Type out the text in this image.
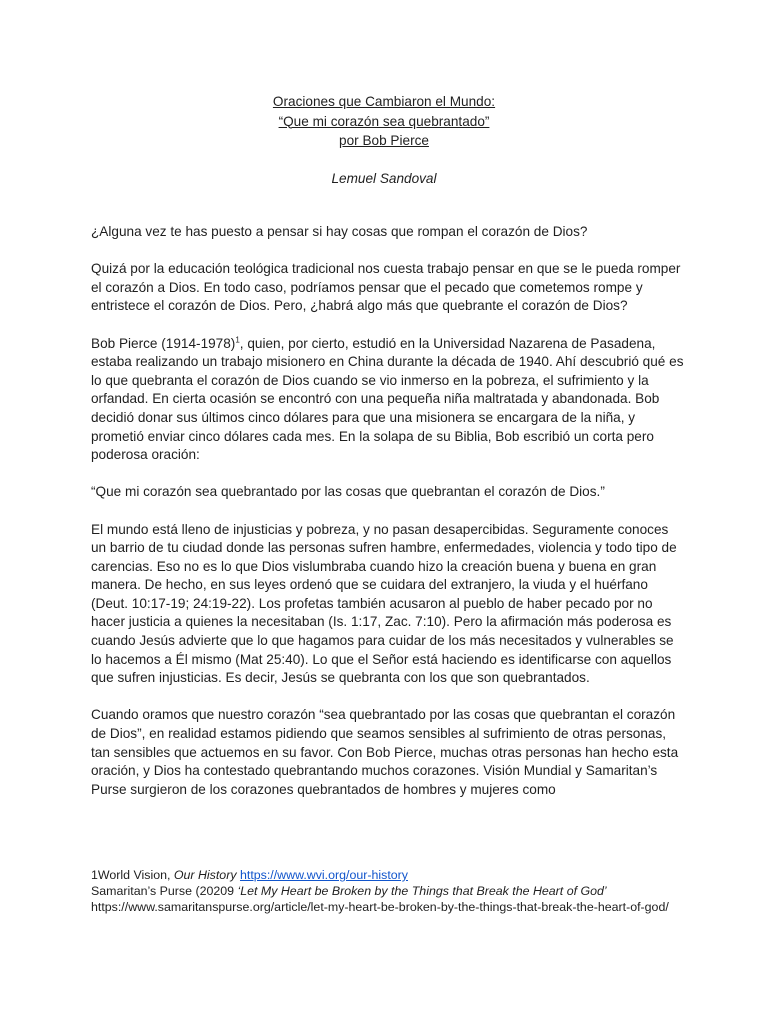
Oraciones que Cambiaron el Mundo:
“Que mi corazón sea quebrantado”
por Bob Pierce
Lemuel Sandoval

¿Alguna vez te has puesto a pensar si hay cosas que rompan el corazón de Dios?

Quizá por la educación teológica tradicional nos cuesta trabajo pensar en que se le pueda romper el corazón a Dios. En todo caso, podríamos pensar que el pecado que cometemos rompe y entristece el corazón de Dios. Pero, ¿habrá algo más que quebrante el corazón de Dios?

Bob Pierce (1914-1978)$^1$, quien, por cierto, estudió en la Universidad Nazarena de Pasadena, estaba realizando un trabajo misionero en China durante la década de 1940. Ahí descubrió qué es lo que quebranta el corazón de Dios cuando se vio inmerso en la pobreza, el sufrimiento y la orfandad. En cierta ocasión se encontró con una pequeña niña maltratada y abandonada. Bob decidió donar sus últimos cinco dólares para que una misionera se encargara de la niña, y prometió enviar cinco dólares cada mes. En la solapa de su Biblia, Bob escribió un corta pero poderosa oración:

“Que mi corazón sea quebrantado por las cosas que quebrantan el corazón de Dios.”

El mundo está lleno de injusticias y pobreza, y no pasan desapercibidas. Seguramente conoces un barrio de tu ciudad donde las personas sufren hambre, enfermedades, violencia y todo tipo de carencias. Eso no es lo que Dios vislumbraba cuando hizo la creación buena y buena en gran manera. De hecho, en sus leyes ordenó que se cuidara del extranjero, la viuda y el huérfano (Deut. 10:17-19; 24:19-22). Los profetas también acusaron al pueblo de haber pecado por no hacer justicia a quienes la necesitaban (Is. 1:17, Zac. 7:10). Pero la afirmación más poderosa es cuando Jesús advierte que lo que hagamos para cuidar de los más necesitados y vulnerables se lo hacemos a Él mismo (Mat 25:40). Lo que el Señor está haciendo es identificarse con aquellos que sufren injusticias. Es decir, Jesús se quebranta con los que son quebrantados.

Cuando oramos que nuestro corazón “sea quebrantado por las cosas que quebrantan el corazón de Dios”, en realidad estamos pidiendo que seamos sensibles al sufrimiento de otras personas, tan sensibles que actuemos en su favor. Con Bob Pierce, muchas otras personas han hecho esta oración, y Dios ha contestado quebrantando muchos corazones. Visión Mundial y Samaritan’s Purse surgieron de los corazones quebrantados de hombres y mujeres como

1World Vision, Our History https://www.wvi.org/our-history
Samaritan’s Purse (20209 ‘Let My Heart be Broken by the Things that Break the Heart of God’
https://www.samaritanspurse.org/article/let-my-heart-be-broken-by-the-things-that-break-the-heart-of-god/
